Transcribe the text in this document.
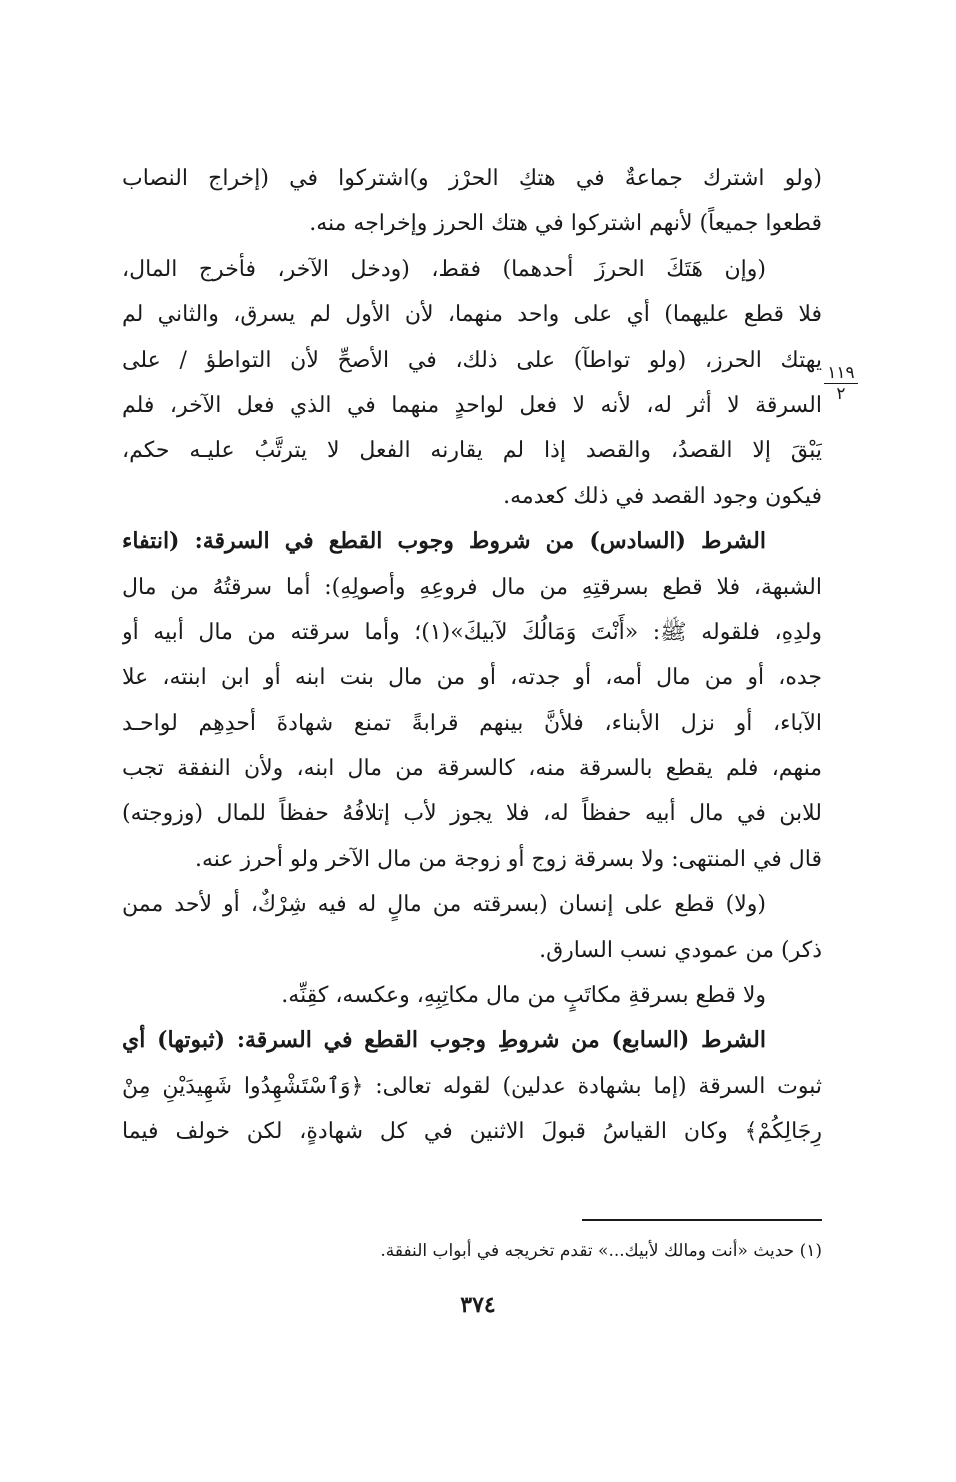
(ولو اشترك جماعةٌ في هتكِ الحرْز و)اشتركوا في (إخراج النصاب
قطعوا جميعاً) لأنهم اشتركوا في هتك الحرز وإخراجه منه.
(وإن هَتَكَ الحرزَ أحدهما) فقط، (ودخل الآخر، فأخرج المال،
فلا قطع عليهما) أي على واحد منهما، لأن الأول لم يسرق، والثاني لم
يهتك الحرز، (ولو تواطآ) على ذلك، في الأصحِّ لأن التواطؤ / على
السرقة لا أثر له، لأنه لا فعل لواحدٍ منهما في الذي فعل الآخر، فلم
يَبْقَ إلا القصدُ، والقصد إذا لم يقارنه الفعل لا يترتَّبُ عليـه حكم،
فيكون وجود القصد في ذلك كعدمه.
الشرط (السادس) من شروط وجوب القطع في السرقة: (انتفاء
الشبهة، فلا قطع بسرقتِهِ من مال فروعِهِ وأصولِهِ): أما سرقتُهُ من مال
ولدِهِ، فلقوله ﷺ: «أَنْتَ وَمَالُكَ لآبيكَ»(١)؛ وأما سرقته من مال أبيه أو
جده، أو من مال أمه، أو جدته، أو من مال بنت ابنه أو ابن ابنته، علا
الآباء، أو نزل الأبناء، فلأنَّ بينهم قرابةً تمنع شهادةَ أحدِهِم لواحـد
منهم، فلم يقطع بالسرقة منه، كالسرقة من مال ابنه، ولأن النفقة تجب
للابن في مال أبيه حفظاً له، فلا يجوز لأب إتلافُهُ حفظاً للمال (وزوجته)
قال في المنتهى: ولا بسرقة زوج أو زوجة من مال الآخر ولو أحرز عنه.
(ولا) قطع على إنسان (بسرقته من مالٍ له فيه شِرْكٌ، أو لأحد ممن
ذكر) من عمودي نسب السارق.
ولا قطع بسرقةِ مكاتَبٍ من مال مكاتِبِهِ، وعكسه، كقِنِّه.
الشرط (السابع) من شروطِ وجوب القطع في السرقة: (ثبوتها) أي
ثبوت السرقة (إما بشهادة عدلين) لقوله تعالى: ﴿وَٱسْتَشْهِدُوا شَهِيدَيْنِ مِنْ
رِجَالِكُمْ﴾ وكان القياسُ قبولَ الاثنين في كل شهادةٍ، لكن خولف فيما
١١٩
٢
(١) حديث «أنت ومالك لأبيك...» تقدم تخريجه في أبواب النفقة.
٣٧٤
